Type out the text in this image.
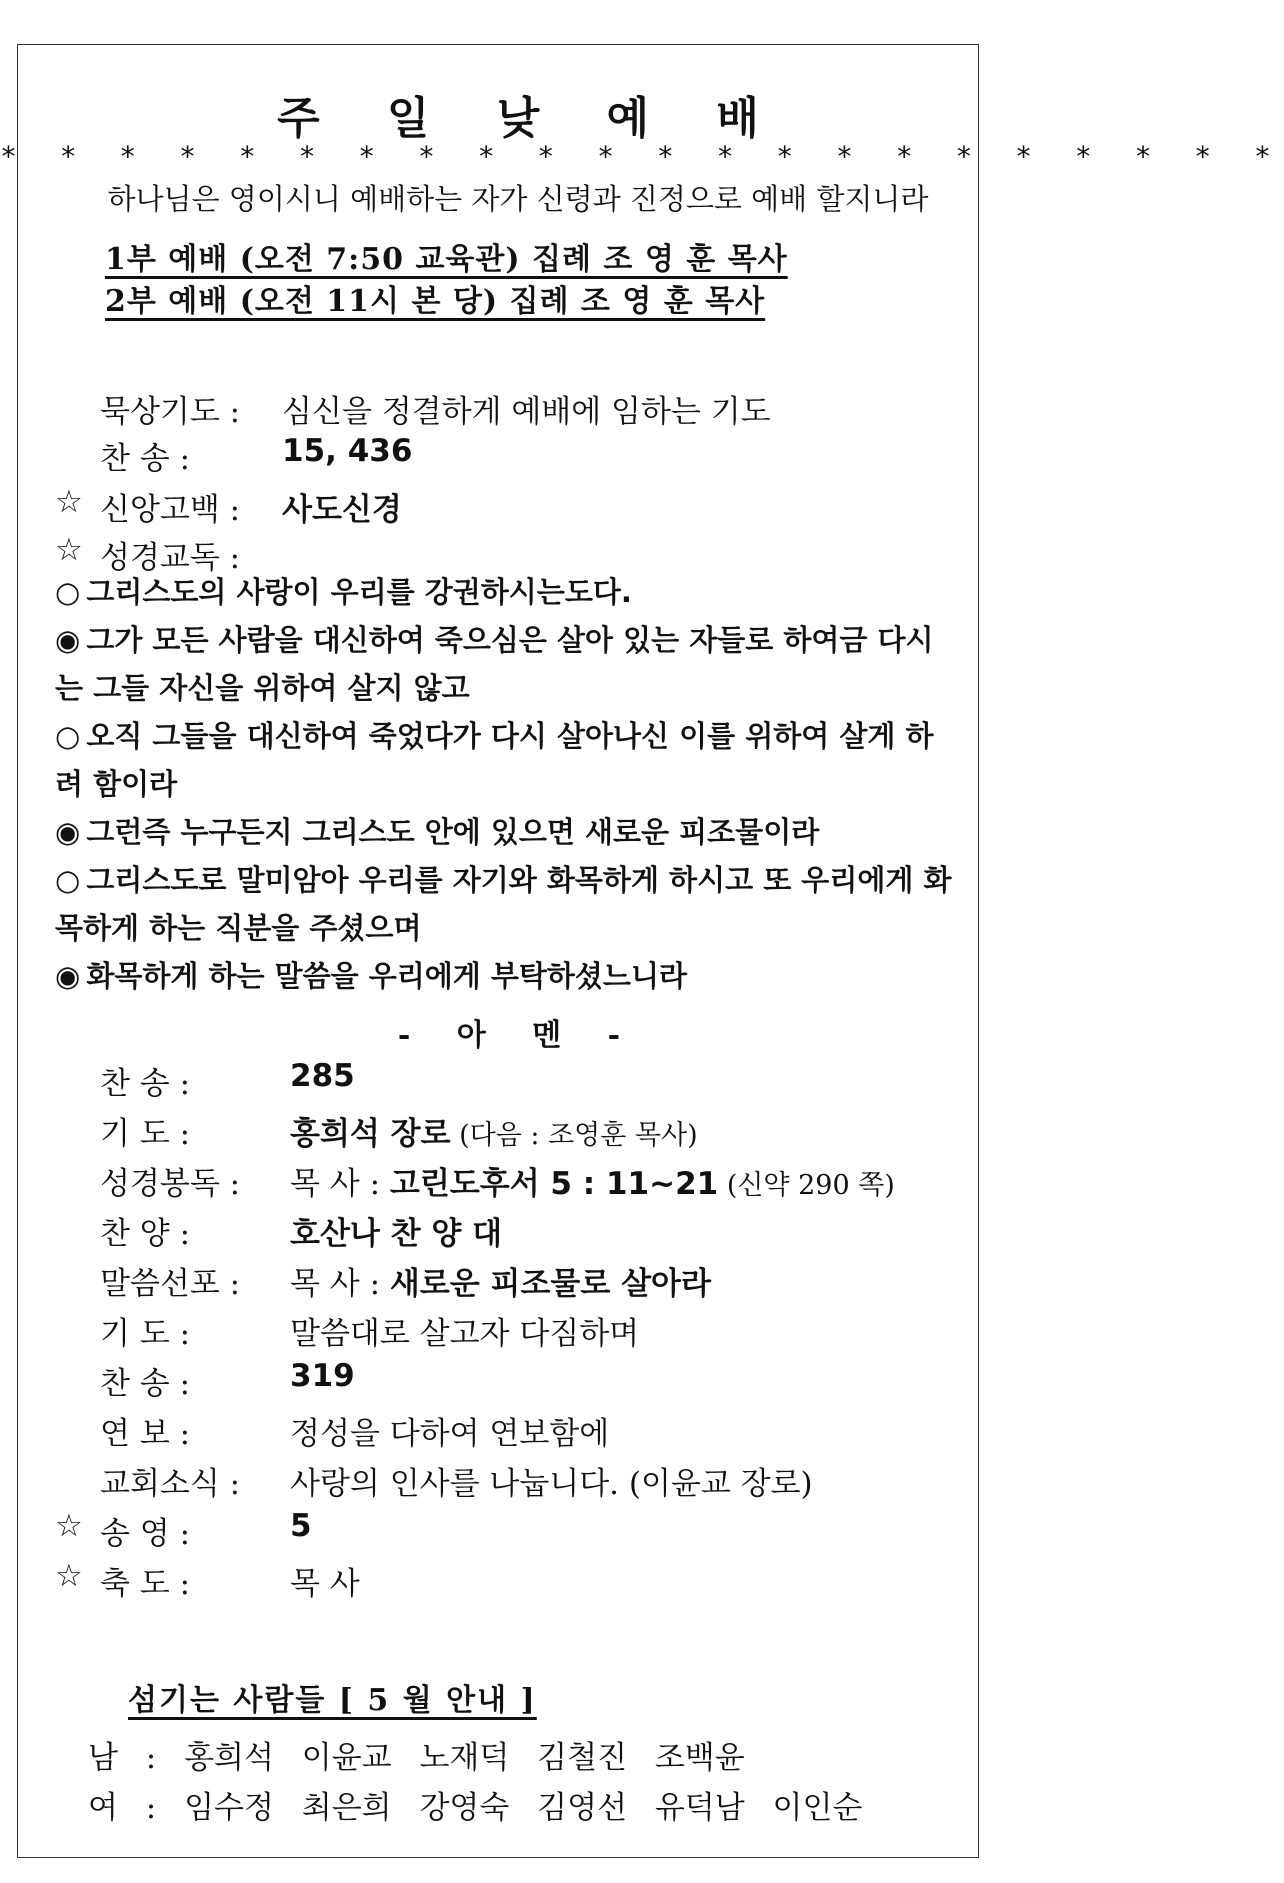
주 일 낮 예 배
* * * * * * * * * * * * * * * * * * * * * *
하나님은 영이시니 예배하는 자가 신령과 진정으로 예배 할지니라
1부 예배 (오전 7:50 교육관) 집례 조 영 훈 목사
2부 예배 (오전 11시 본 당) 집례 조 영 훈 목사
묵상기도 : 심신을 정결하게 예배에 임하는 기도
찬 송 :	15, 436
☆ 신앙고백 : 사도신경
☆ 성경교독 :
○ 그리스도의 사랑이 우리를 강권하시는도다.
◉ 그가 모든 사람을 대신하여 죽으심은 살아 있는 자들로 하여금 다시는 그들 자신을 위하여 살지 않고
○ 오직 그들을 대신하여 죽었다가 다시 살아나신 이를 위하여 살게 하려 함이라
◉ 그런즉 누구든지 그리스도 안에 있으면 새로운 피조물이라
○ 그리스도로 말미암아 우리를 자기와 화목하게 하시고 또 우리에게 화목하게 하는 직분을 주셨으며
◉ 화목하게 하는 말씀을 우리에게 부탁하셨느니라
- 아 멘 -
찬 송 :	285
기 도 :	홍희석 장로 (다음 : 조영훈 목사)
성경봉독 : 목 사 : 고린도후서 5 : 11~21 (신약 290 쪽)
찬 양 :	호산나 찬 양 대
말씀선포 : 목 사 : 새로운 피조물로 살아라
기 도 :	말씀대로 살고자 다짐하며
찬 송 :	319
연 보 :	정성을 다하여 연보함에
교회소식 : 사랑의 인사를 나눕니다. (이윤교 장로)
☆ 송 영 :	5
☆ 축 도 :	목 사
섬기는 사람들 [ 5 월 안내 ]
남 : 홍희석 이윤교 노재덕 김철진 조백윤
여 : 임수정 최은희 강영숙 김영선 유덕남 이인순
